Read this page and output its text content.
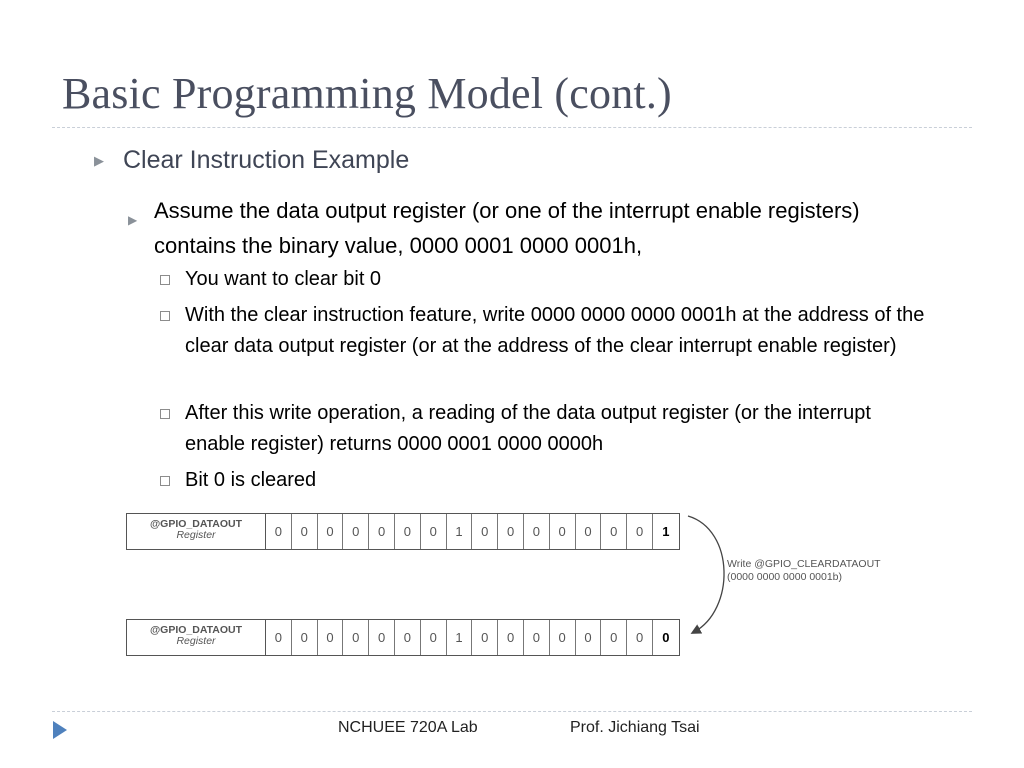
Basic Programming Model (cont.)
▶ Clear Instruction Example
▶ Assume the data output register (or one of the interrupt enable registers) contains the binary value, 0000 0001 0000 0001h,
You want to clear bit 0
With the clear instruction feature, write 0000 0000 0000 0001h at the address of the clear data output register (or at the address of the clear interrupt enable register)
After this write operation, a reading of the data output register (or the interrupt enable register) returns 0000 0001 0000 0000h
Bit 0 is cleared
@GPIO_DATAOUT
Register	0	0	0	0	0	0	0	1	0	0	0	0	0	0	0	1
@GPIO_DATAOUT
Register	0	0	0	0	0	0	0	1	0	0	0	0	0	0	0	0
Write @GPIO_CLEARDATAOUT
(0000 0000 0000 0001b)
NCHUEE 720A Lab	Prof. Jichiang Tsai
